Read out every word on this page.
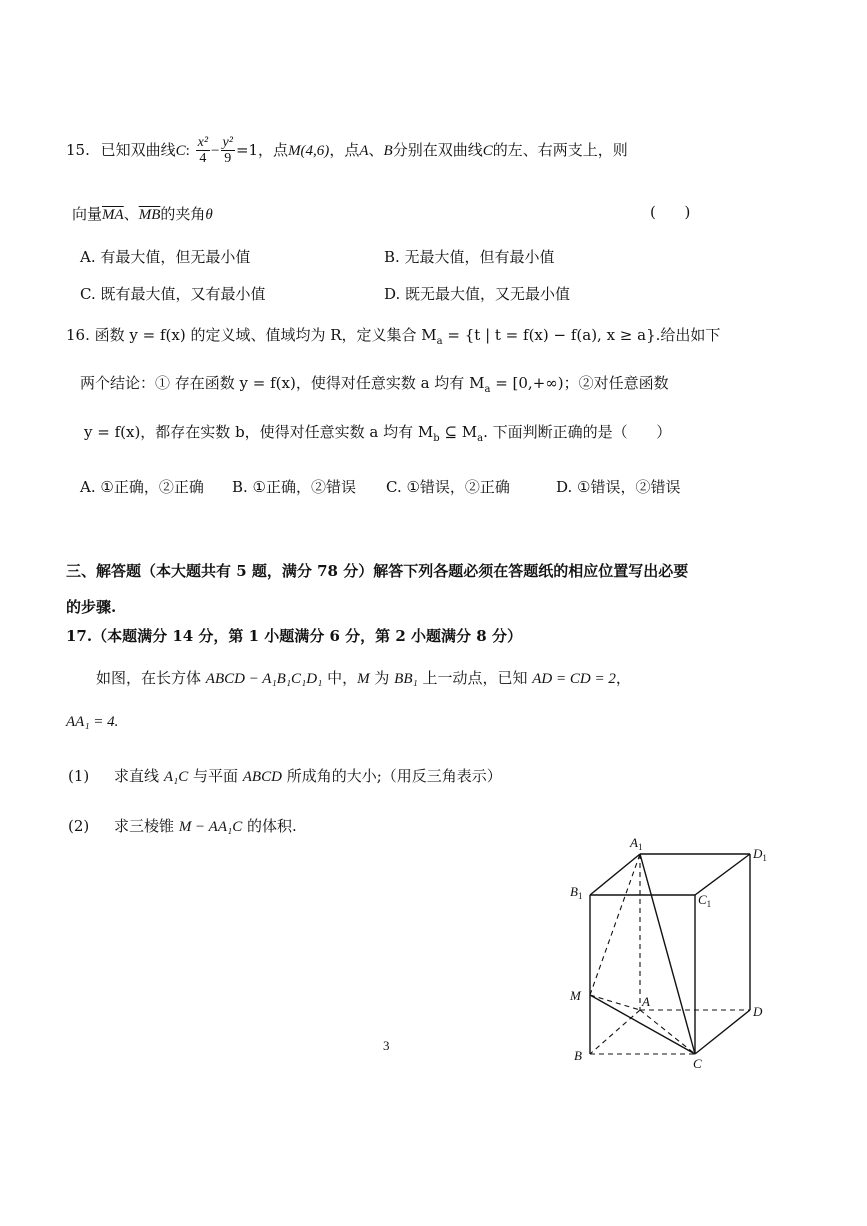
15. 已知双曲线C: $\frac{\text{x²}}{4} - \frac{\text{y²}}{9} =1$，点M(4,6)，点A、B分别在双曲线C的左、右两支上，则
向量$\overline{MA}$、$\overline{MB}$的夹角θ	(      )
A. 有最大值，但无最小值	B. 无最大值，但有最小值
C. 既有最大值，又有最小值	D. 既无最大值，又无最小值
16. 函数 y = f(x) 的定义域、值域均为 R，定义集合 $M_a = \{t$ | t = f(x) − f(a), x ≥ a}.给出如下
两个结论：① 存在函数 y = f(x)，使得对任意实数 a 均有 $M_a = [0,+\infty)$；②对任意函数
y = f(x)，都存在实数 b，使得对任意实数 a 均有 $M_b$ ⊆ $M_a$. 下面判断正确的是（      ）
A. ①正确，②正确 B. ①正确，②错误 C. ①错误，②正确	D. ①错误，②错误
三、解答题（本大题共有 5 题，满分 78 分）解答下列各题必须在答题纸的相应位置写出必要
的步骤.
17.（本题满分 14 分，第 1 小题满分 6 分，第 2 小题满分 8 分）
如图，在长方体 ABCD − A₁B₁C₁D₁ 中，M 为 BB₁ 上一动点，已知 AD = CD = 2，
AA₁ = 4.
(1) 求直线 A₁C 与平面 ABCD 所成角的大小;（用反三角表示）
(2) 求三棱锥 M − AA₁C 的体积.
$A_1$	$D_1$
$B_1$	$C_1$
M	A
D
B
C
3
